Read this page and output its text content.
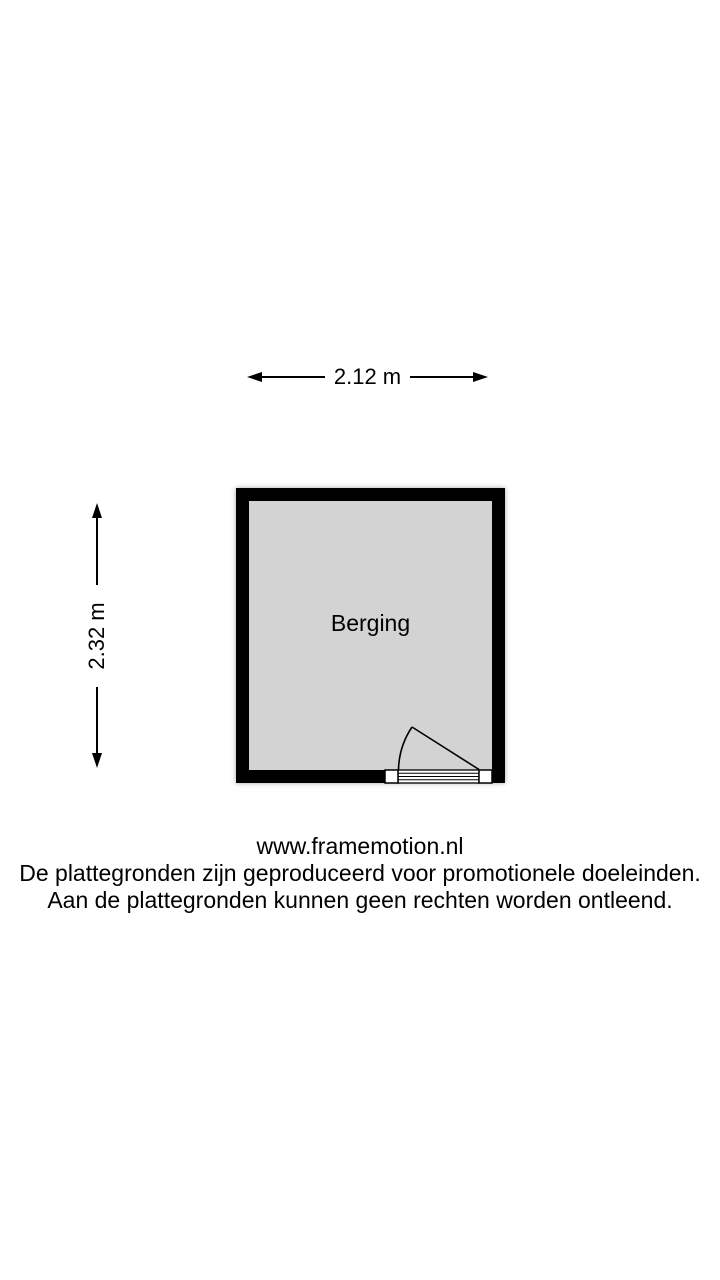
2.12 m
2.32 m	Berging
www.framemotion.nl
De plattegronden zijn geproduceerd voor promotionele doeleinden.
Aan de plattegronden kunnen geen rechten worden ontleend.
